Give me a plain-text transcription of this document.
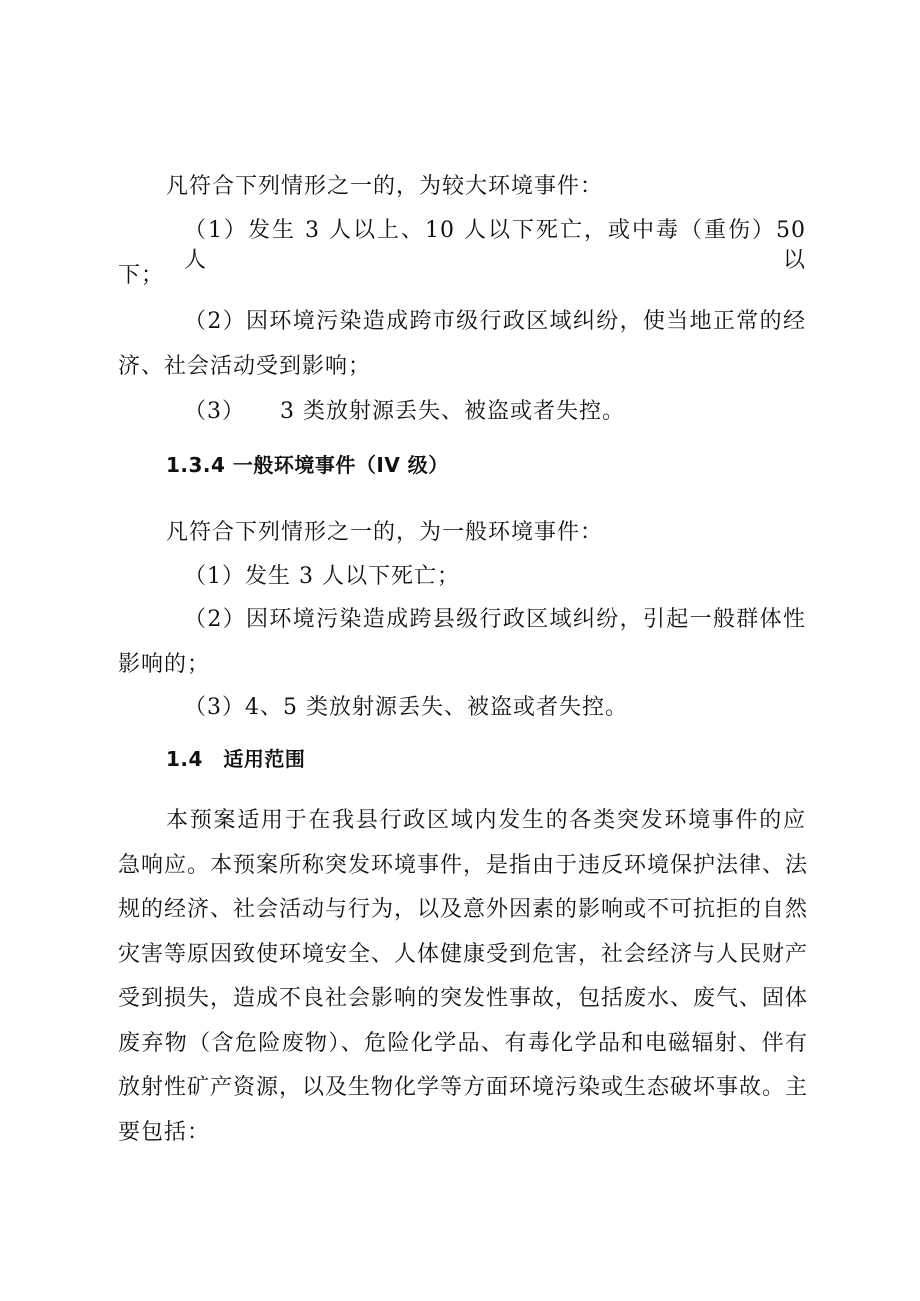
凡符合下列情形之一的，为较大环境事件：
（1）发生 3 人以上、10 人以下死亡，或中毒（重伤）50 人以
下；
（2）因环境污染造成跨市级行政区域纠纷，使当地正常的经
济、社会活动受到影响；
（3）　　3 类放射源丢失、被盗或者失控。
1.3.4 一般环境事件（IV 级）
凡符合下列情形之一的，为一般环境事件：
（1）发生 3 人以下死亡；
（2）因环境污染造成跨县级行政区域纠纷，引起一般群体性
影响的；
（3）4、5 类放射源丢失、被盗或者失控。
1.4　适用范围
本预案适用于在我县行政区域内发生的各类突发环境事件的应
急响应。本预案所称突发环境事件，是指由于违反环境保护法律、法
规的经济、社会活动与行为，以及意外因素的影响或不可抗拒的自然
灾害等原因致使环境安全、人体健康受到危害，社会经济与人民财产
受到损失，造成不良社会影响的突发性事故，包括废水、废气、固体
废弃物（含危险废物）、危险化学品、有毒化学品和电磁辐射、伴有
放射性矿产资源，以及生物化学等方面环境污染或生态破坏事故。主
要包括：
